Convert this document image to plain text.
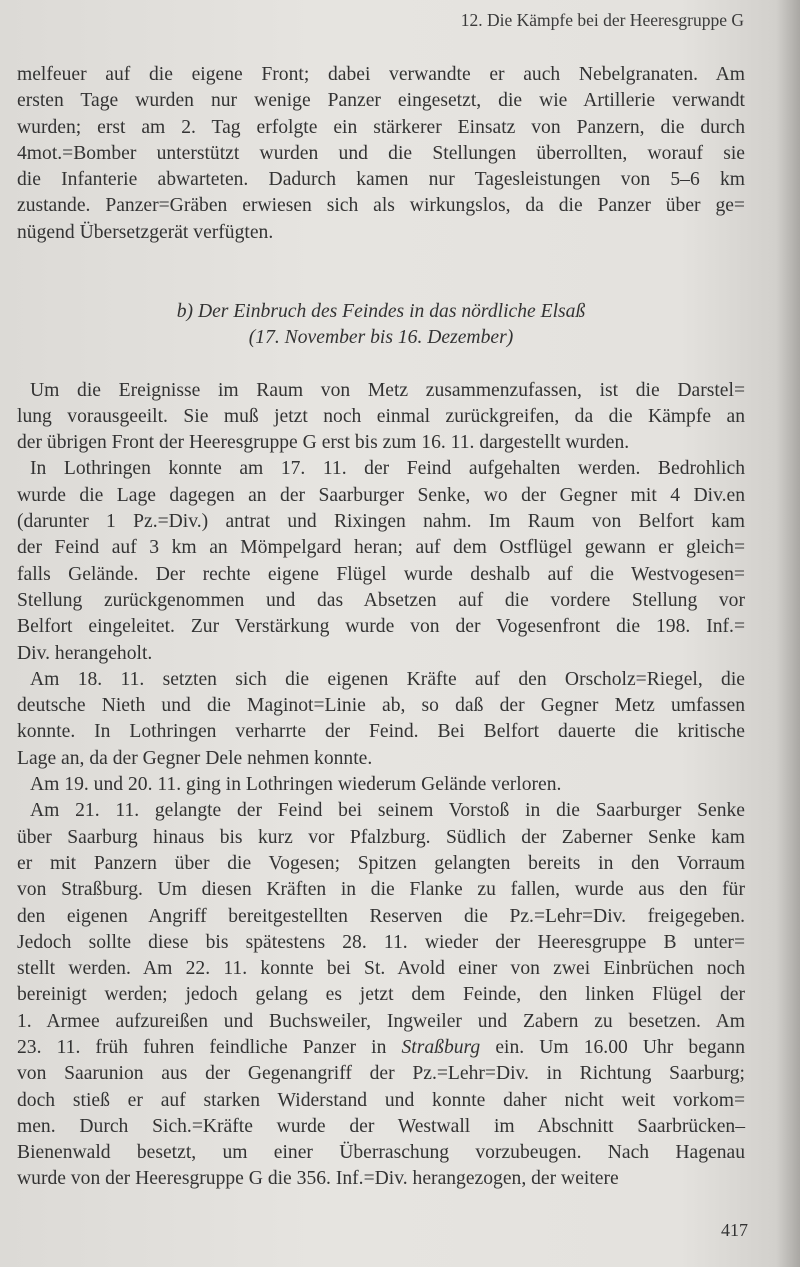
12. Die Kämpfe bei der Heeresgruppe G
melfeuer auf die eigene Front; dabei verwandte er auch Nebelgranaten. Am
ersten Tage wurden nur wenige Panzer eingesetzt, die wie Artillerie verwandt
wurden; erst am 2. Tag erfolgte ein stärkerer Einsatz von Panzern, die durch
4mot.=Bomber unterstützt wurden und die Stellungen überrollten, worauf sie
die Infanterie abwarteten. Dadurch kamen nur Tagesleistungen von 5–6 km
zustande. Panzer=Gräben erwiesen sich als wirkungslos, da die Panzer über ge=
nügend Übersetzgerät verfügten.
b) Der Einbruch des Feindes in das nördliche Elsaß
(17. November bis 16. Dezember)
Um die Ereignisse im Raum von Metz zusammenzufassen, ist die Darstel=
lung vorausgeeilt. Sie muß jetzt noch einmal zurückgreifen, da die Kämpfe an
der übrigen Front der Heeresgruppe G erst bis zum 16. 11. dargestellt wurden.
In Lothringen konnte am 17. 11. der Feind aufgehalten werden. Bedrohlich
wurde die Lage dagegen an der Saarburger Senke, wo der Gegner mit 4 Div.en
(darunter 1 Pz.=Div.) antrat und Rixingen nahm. Im Raum von Belfort kam
der Feind auf 3 km an Mömpelgard heran; auf dem Ostflügel gewann er gleich=
falls Gelände. Der rechte eigene Flügel wurde deshalb auf die Westvogesen=
Stellung zurückgenommen und das Absetzen auf die vordere Stellung vor
Belfort eingeleitet. Zur Verstärkung wurde von der Vogesenfront die 198. Inf.=
Div. herangeholt.
Am 18. 11. setzten sich die eigenen Kräfte auf den Orscholz=Riegel, die
deutsche Nieth und die Maginot=Linie ab, so daß der Gegner Metz umfassen
konnte. In Lothringen verharrte der Feind. Bei Belfort dauerte die kritische
Lage an, da der Gegner Dele nehmen konnte.
Am 19. und 20. 11. ging in Lothringen wiederum Gelände verloren.
Am 21. 11. gelangte der Feind bei seinem Vorstoß in die Saarburger Senke
über Saarburg hinaus bis kurz vor Pfalzburg. Südlich der Zaberner Senke kam
er mit Panzern über die Vogesen; Spitzen gelangten bereits in den Vorraum
von Straßburg. Um diesen Kräften in die Flanke zu fallen, wurde aus den für
den eigenen Angriff bereitgestellten Reserven die Pz.=Lehr=Div. freigegeben.
Jedoch sollte diese bis spätestens 28. 11. wieder der Heeresgruppe B unter=
stellt werden. Am 22. 11. konnte bei St. Avold einer von zwei Einbrüchen noch
bereinigt werden; jedoch gelang es jetzt dem Feinde, den linken Flügel der
1. Armee aufzureißen und Buchsweiler, Ingweiler und Zabern zu besetzen. Am
23. 11. früh fuhren feindliche Panzer in Straßburg ein. Um 16.00 Uhr begann
von Saarunion aus der Gegenangriff der Pz.=Lehr=Div. in Richtung Saarburg;
doch stieß er auf starken Widerstand und konnte daher nicht weit vorkom=
men. Durch Sich.=Kräfte wurde der Westwall im Abschnitt Saarbrücken–
Bienenwald besetzt, um einer Überraschung vorzubeugen. Nach Hagenau
wurde von der Heeresgruppe G die 356. Inf.=Div. herangezogen, der weitere
417
